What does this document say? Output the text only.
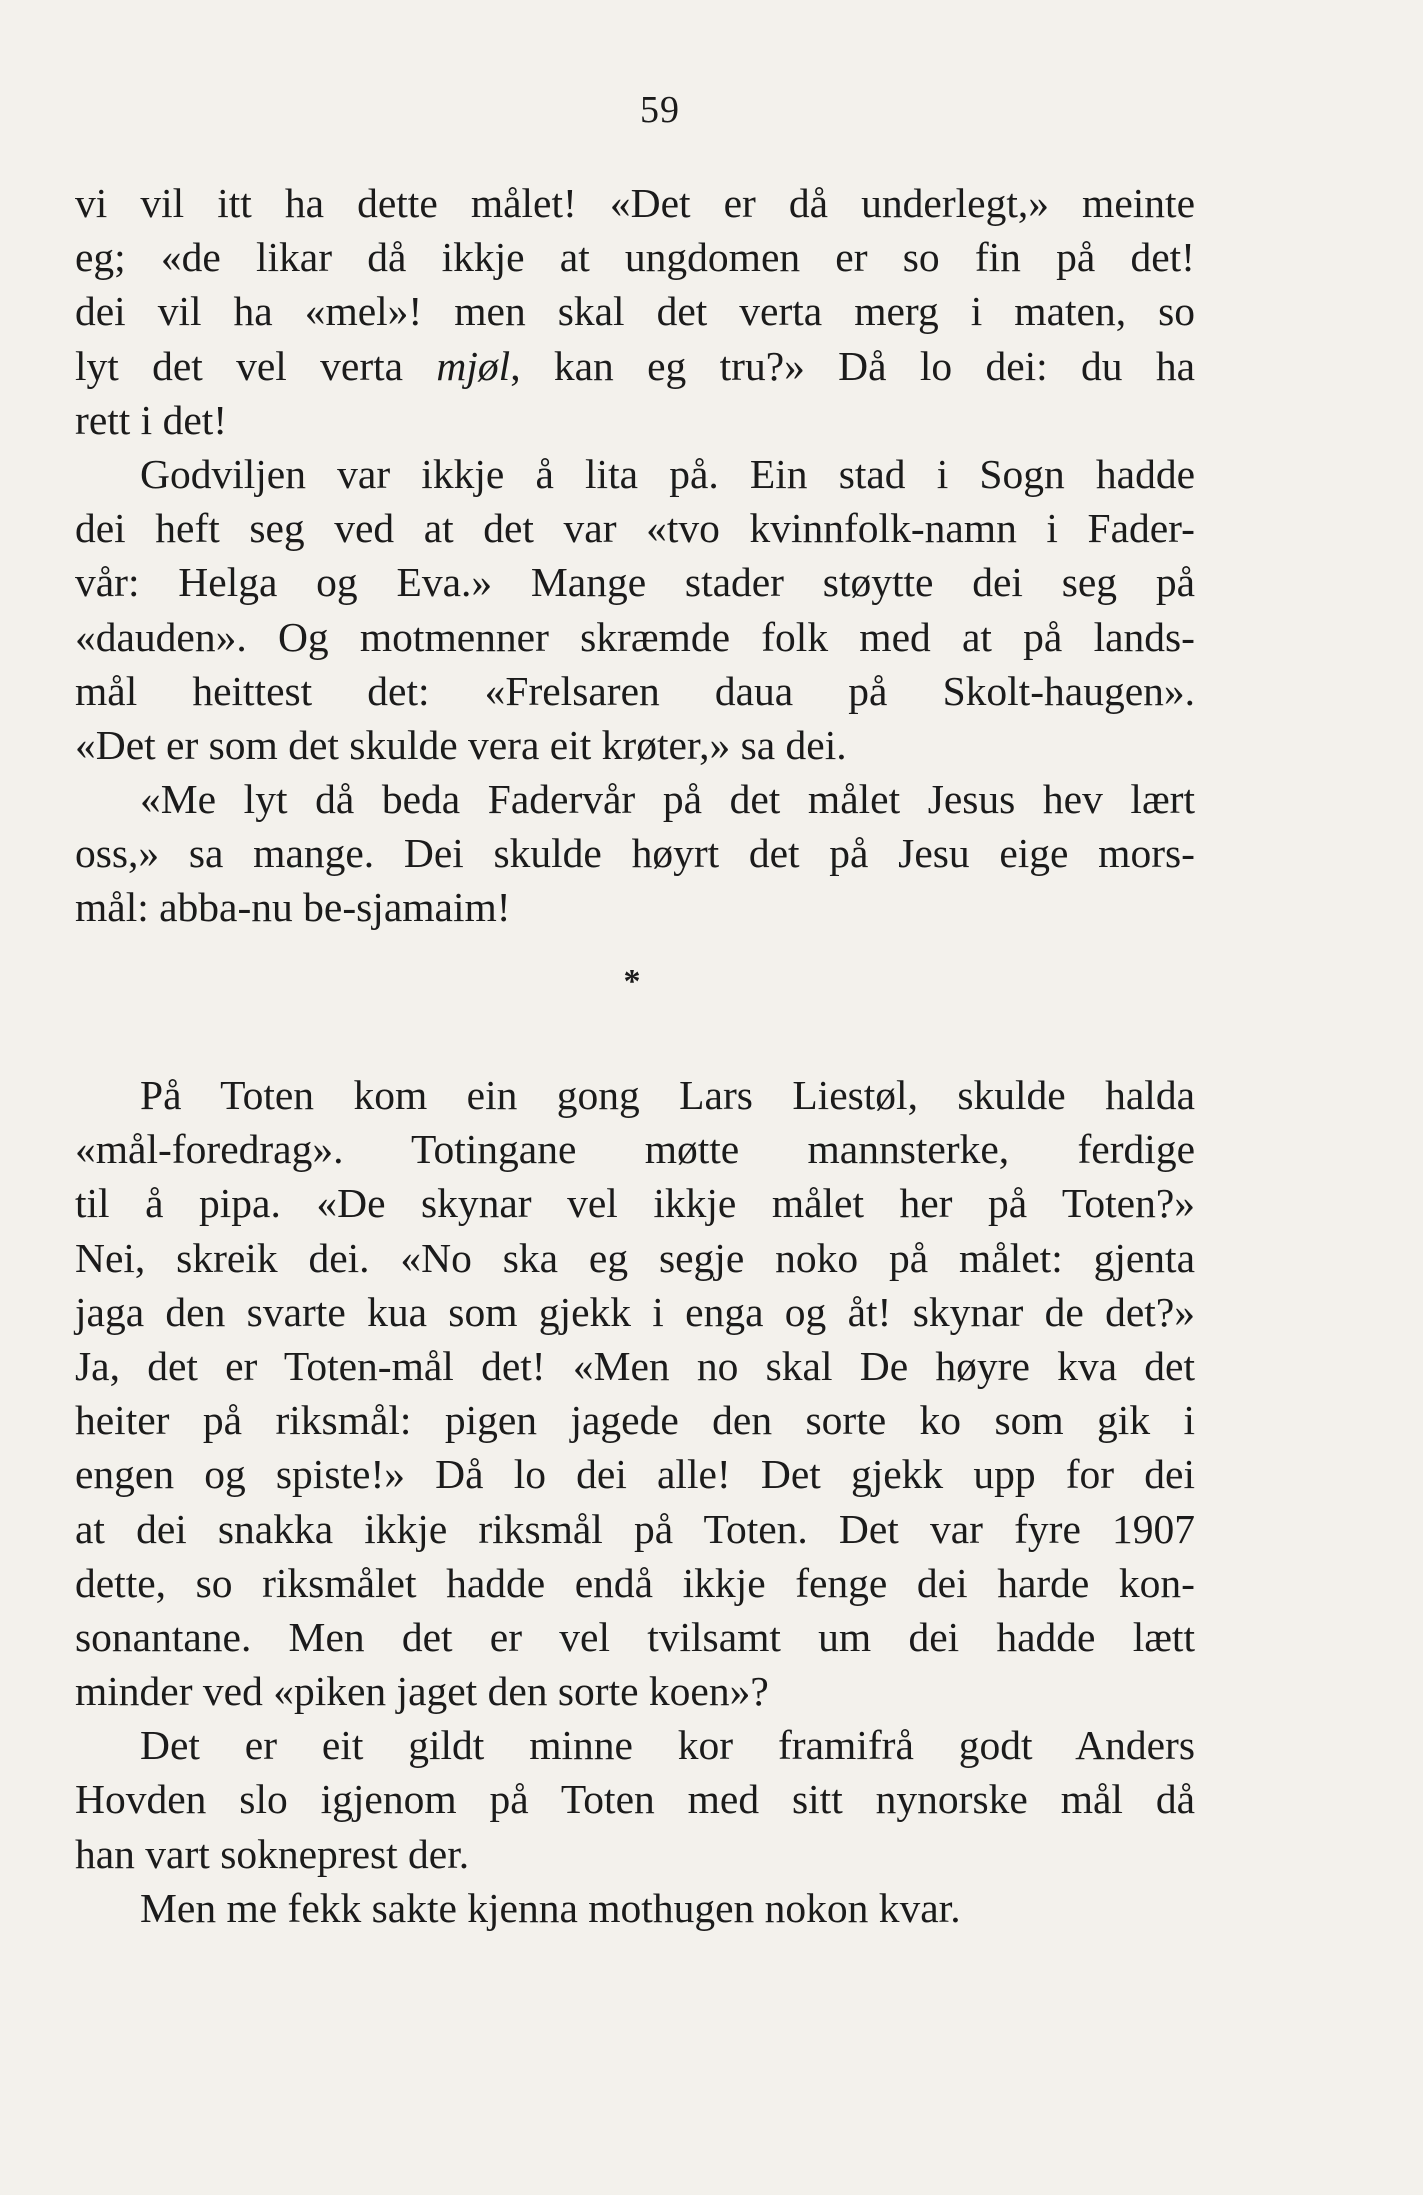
59
vi vil itt ha dette målet! «Det er då underlegt,» meinte
eg; «de likar då ikkje at ungdomen er so fin på det!
dei vil ha «mel»! men skal det verta merg i maten, so
lyt det vel verta mjøl, kan eg tru?» Då lo dei: du ha
rett i det!
Godviljen var ikkje å lita på. Ein stad i Sogn hadde
dei heft seg ved at det var «tvo kvinnfolk-namn i Fader-
vår: Helga og Eva.» Mange stader støytte dei seg på
«dauden». Og motmenner skræmde folk med at på lands-
mål heittest det: «Frelsaren daua på Skolt-haugen».
«Det er som det skulde vera eit krøter,» sa dei.
«Me lyt då beda Fadervår på det målet Jesus hev lært
oss,» sa mange. Dei skulde høyrt det på Jesu eige mors-
mål: abba-nu be-sjamaim!
*
På Toten kom ein gong Lars Liestøl, skulde halda
«mål-foredrag». Totingane møtte mannsterke, ferdige
til å pipa. «De skynar vel ikkje målet her på Toten?»
Nei, skreik dei. «No ska eg segje noko på målet: gjenta
jaga den svarte kua som gjekk i enga og åt! skynar de det?»
Ja, det er Toten-mål det! «Men no skal De høyre kva det
heiter på riksmål: pigen jagede den sorte ko som gik i
engen og spiste!» Då lo dei alle! Det gjekk upp for dei
at dei snakka ikkje riksmål på Toten. Det var fyre 1907
dette, so riksmålet hadde endå ikkje fenge dei harde kon-
sonantane. Men det er vel tvilsamt um dei hadde lætt
minder ved «piken jaget den sorte koen»?
Det er eit gildt minne kor framifrå godt Anders
Hovden slo igjenom på Toten med sitt nynorske mål då
han vart sokneprest der.
Men me fekk sakte kjenna mothugen nokon kvar.
